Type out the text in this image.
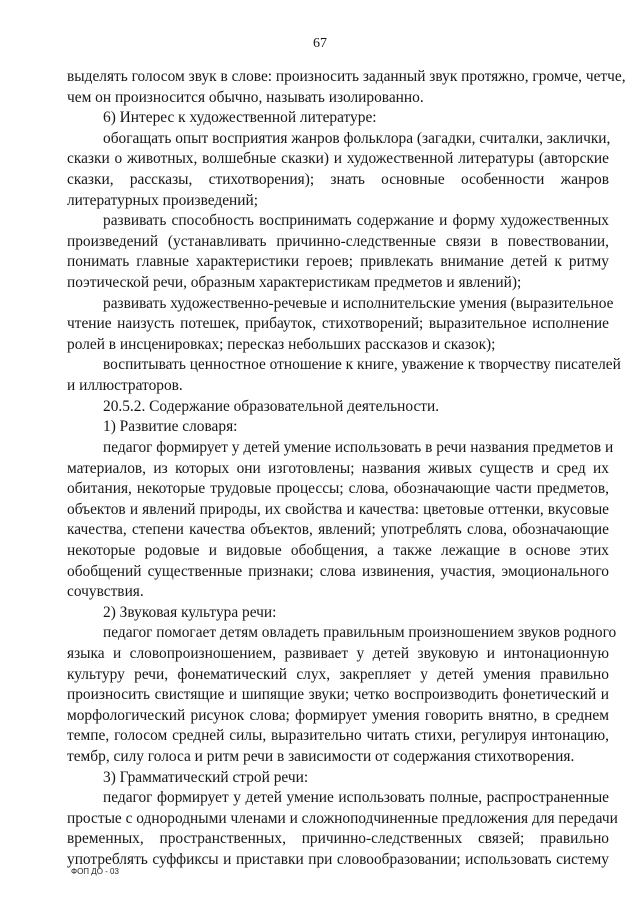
67
выделять голосом звук в слове: произносить заданный звук протяжно, громче, четче,
чем он произносится обычно, называть изолированно.
6) Интерес к художественной литературе:
обогащать опыт восприятия жанров фольклора (загадки, считалки, заклички,
сказки о животных, волшебные сказки) и художественной литературы (авторские
сказки, рассказы, стихотворения); знать основные особенности жанров
литературных произведений;
развивать способность воспринимать содержание и форму художественных
произведений (устанавливать причинно-следственные связи в повествовании,
понимать главные характеристики героев; привлекать внимание детей к ритму
поэтической речи, образным характеристикам предметов и явлений);
развивать художественно-речевые и исполнительские умения (выразительное
чтение наизусть потешек, прибауток, стихотворений; выразительное исполнение
ролей в инсценировках; пересказ небольших рассказов и сказок);
воспитывать ценностное отношение к книге, уважение к творчеству писателей
и иллюстраторов.
20.5.2. Содержание образовательной деятельности.
1) Развитие словаря:
педагог формирует у детей умение использовать в речи названия предметов и
материалов, из которых они изготовлены; названия живых существ и сред их
обитания, некоторые трудовые процессы; слова, обозначающие части предметов,
объектов и явлений природы, их свойства и качества: цветовые оттенки, вкусовые
качества, степени качества объектов, явлений; употреблять слова, обозначающие
некоторые родовые и видовые обобщения, а также лежащие в основе этих
обобщений существенные признаки; слова извинения, участия, эмоционального
сочувствия.
2) Звуковая культура речи:
педагог помогает детям овладеть правильным произношением звуков родного
языка и словопроизношением, развивает у детей звуковую и интонационную
культуру речи, фонематический слух, закрепляет у детей умения правильно
произносить свистящие и шипящие звуки; четко воспроизводить фонетический и
морфологический рисунок слова; формирует умения говорить внятно, в среднем
темпе, голосом средней силы, выразительно читать стихи, регулируя интонацию,
тембр, силу голоса и ритм речи в зависимости от содержания стихотворения.
3) Грамматический строй речи:
педагог формирует у детей умение использовать полные, распространенные
простые с однородными членами и сложноподчиненные предложения для передачи
временных, пространственных, причинно-следственных связей; правильно
употреблять суффиксы и приставки при словообразовании; использовать систему
ФОП ДО - 03
